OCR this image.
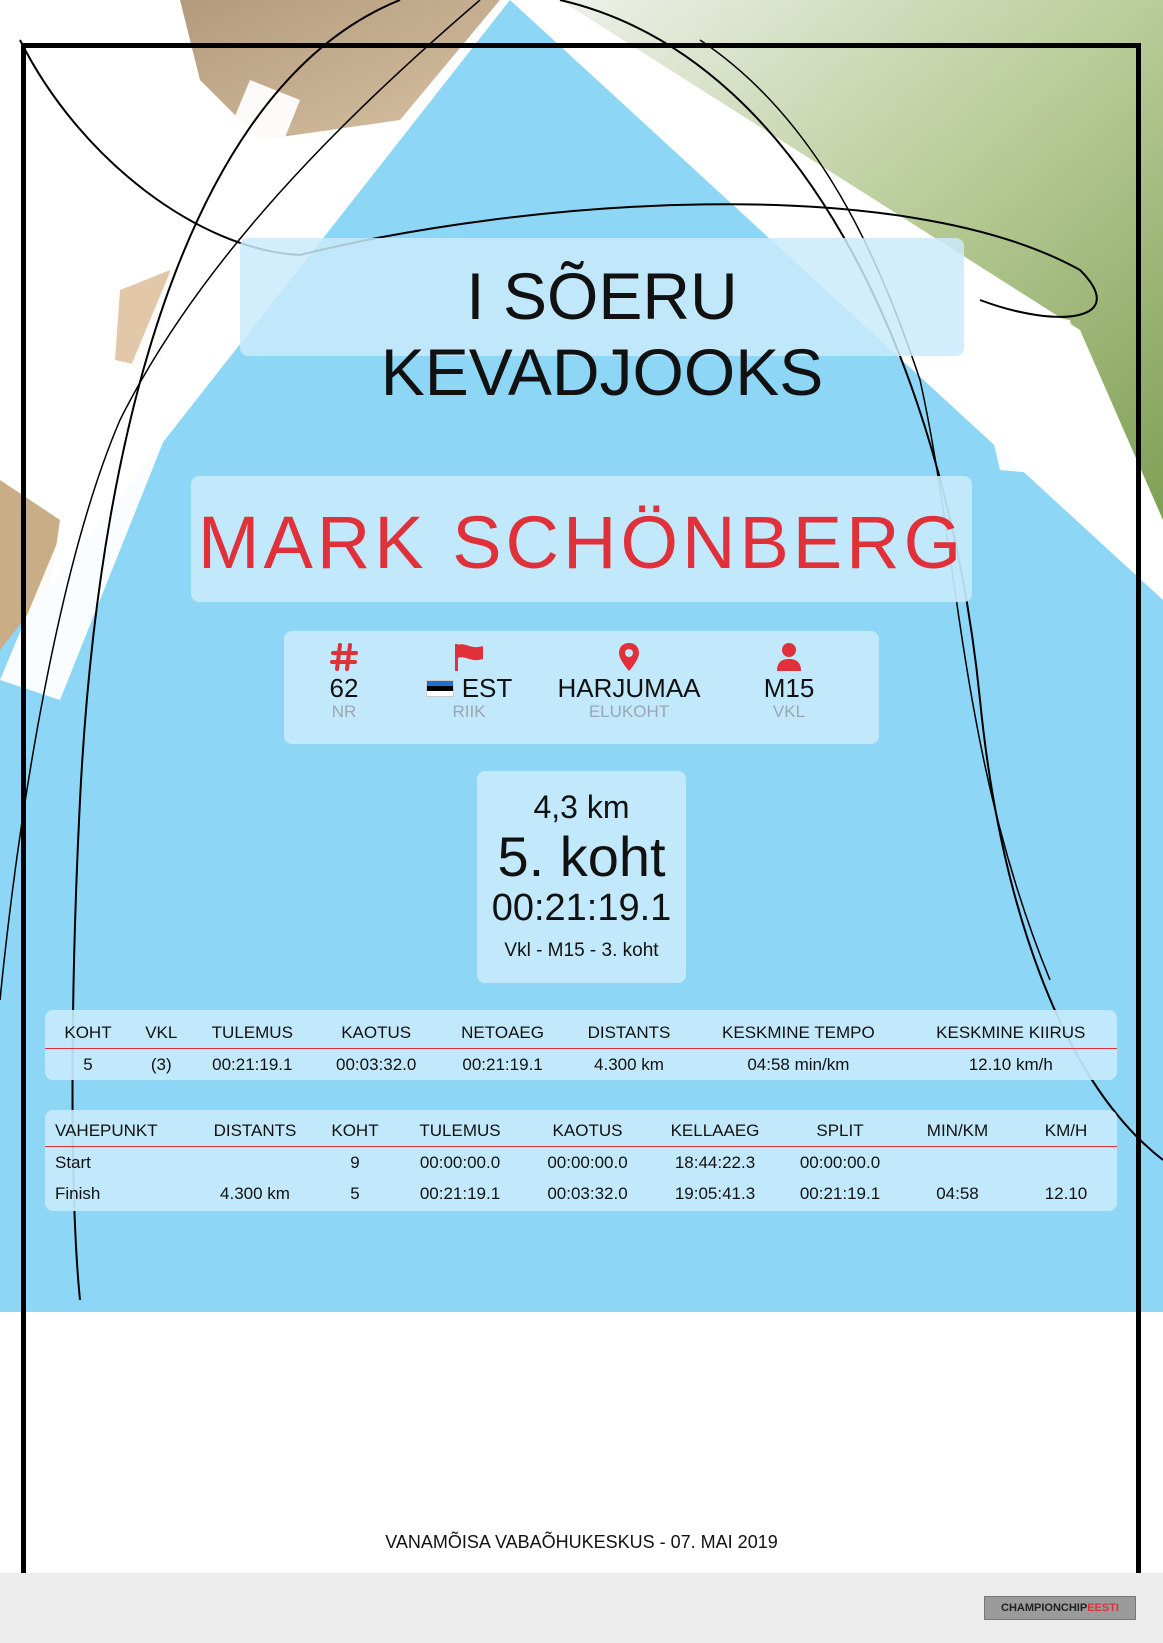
I SÕERU KEVADJOOKS
MARK SCHÖNBERG
62
NR
EST
RIIK
HARJUMAA
ELUKOHT
M15
VKL
4,3 km
5. koht
00:21:19.1
Vkl - M15 - 3. koht
KOHT	VKL	TULEMUS	KAOTUS	NETOAEG	DISTANTS	KESKMINE TEMPO	KESKMINE KIIRUS
5	(3)	00:21:19.1	00:03:32.0	00:21:19.1	4.300 km	04:58 min/km	12.10 km/h
VAHEPUNKT	DISTANTS	KOHT	TULEMUS	KAOTUS	KELLAAEG	SPLIT	MIN/KM	KM/H
Start		9	00:00:00.0	00:00:00.0	18:44:22.3	00:00:00.0		
Finish	4.300 km	5	00:21:19.1	00:03:32.0	19:05:41.3	00:21:19.1	04:58	12.10
VANAMÕISA VABAÕHUKESKUS - 07. MAI 2019
CHAMPIONCHIPEESTI
